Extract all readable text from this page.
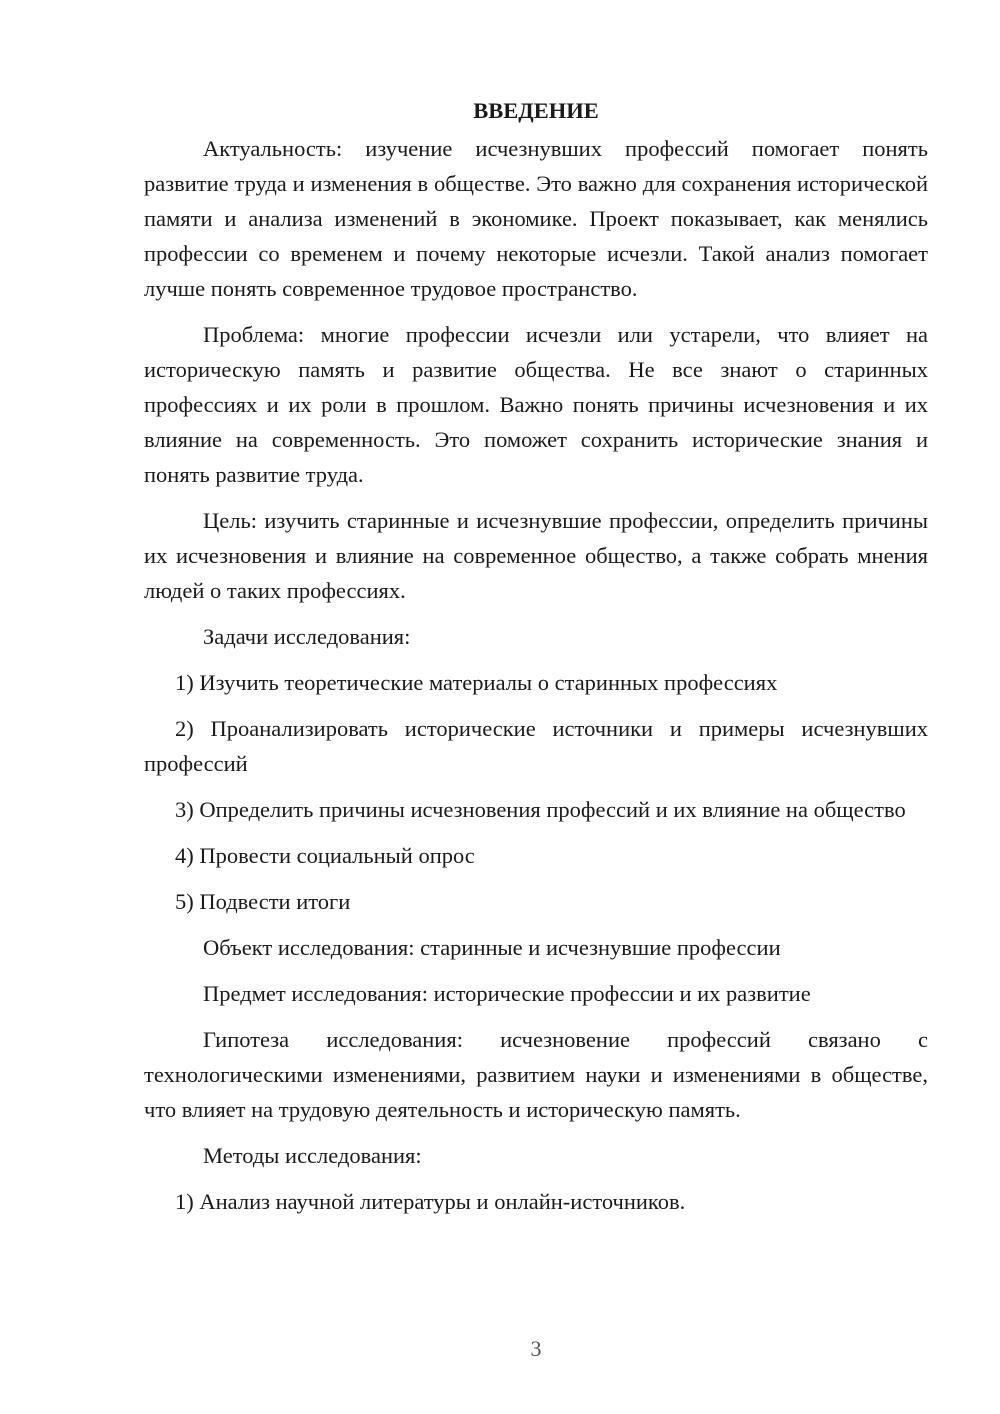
ВВЕДЕНИЕ

Актуальность: изучение исчезнувших профессий помогает понять развитие труда и изменения в обществе. Это важно для сохранения исторической памяти и анализа изменений в экономике. Проект показывает, как менялись профессии со временем и почему некоторые исчезли. Такой анализ помогает лучше понять современное трудовое пространство.

Проблема: многие профессии исчезли или устарели, что влияет на историческую память и развитие общества. Не все знают о старинных профессиях и их роли в прошлом. Важно понять причины исчезновения и их влияние на современность. Это поможет сохранить исторические знания и понять развитие труда.

Цель: изучить старинные и исчезнувшие профессии, определить причины их исчезновения и влияние на современное общество, а также собрать мнения людей о таких профессиях.

Задачи исследования:

1) Изучить теоретические материалы о старинных профессиях

2) Проанализировать исторические источники и примеры исчезнувших профессий

3) Определить причины исчезновения профессий и их влияние на общество

4) Провести социальный опрос

5) Подвести итоги

Объект исследования: старинные и исчезнувшие профессии

Предмет исследования: исторические профессии и их развитие

Гипотеза исследования: исчезновение профессий связано с технологическими изменениями, развитием науки и изменениями в обществе, что влияет на трудовую деятельность и историческую память.

Методы исследования:

1) Анализ научной литературы и онлайн-источников.

3
